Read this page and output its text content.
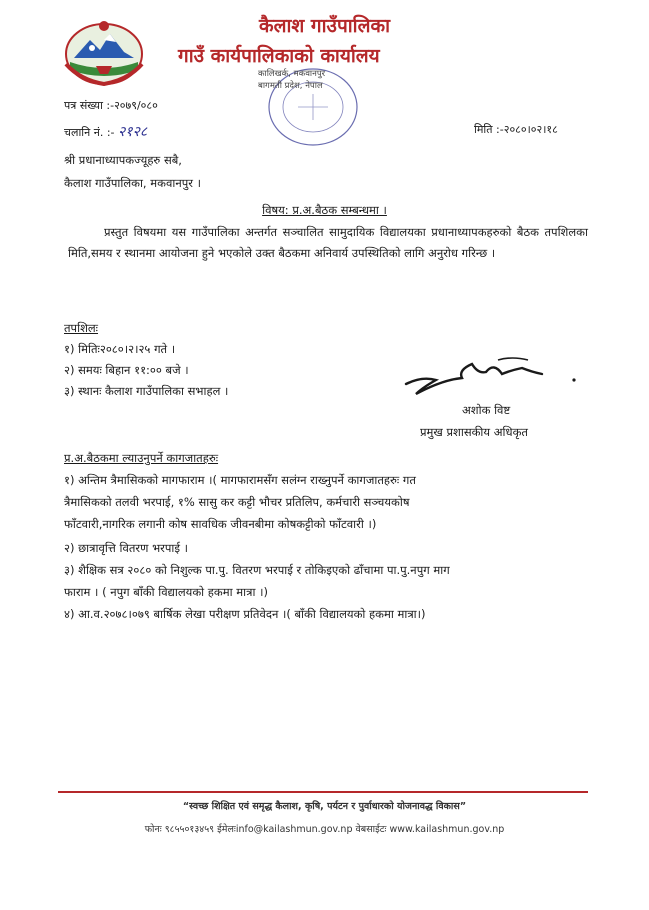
कैलाश गाउँपालिका
गाउँ कार्यपालिकाको कार्यालय
कालिखर्क, मकवानपुर
बागमती प्रदेश, नेपाल
पत्र संख्या :-२०७९/०८०
चलानि नं. :- २१२८	मिति :-२०८०।०२।१८
श्री प्रधानाध्यापकज्यूहरु सबै,
कैलाश गाउँपालिका, मकवानपुर ।
विषय: प्र.अ.बैठक सम्बन्धमा ।
प्रस्तुत विषयमा यस गाउँपालिका अन्तर्गत सञ्चालित सामुदायिक विद्यालयका प्रधानाध्यापकहरुको बैठक तपशिलका मिति,समय र स्थानमा आयोजना हुने भएकोले उक्त बैठकमा अनिवार्य उपस्थितिको लागि अनुरोध गरिन्छ ।
तपशिलः
१) मितिः२०८०।२।२५ गते ।
२) समयः बिहान ११:०० बजे ।
३) स्थानः कैलाश गाउँपालिका सभाहल ।
अशोक विष्ट
प्रमुख प्रशासकीय अधिकृत
प्र.अ.बैठकमा ल्याउनुपर्ने कागजातहरुः
१) अन्तिम त्रैमासिकको मागफाराम ।( मागफारामसँग सलंग्न राख्नुपर्ने कागजातहरुः गत
त्रैमासिकको तलवी भरपाई, १% सासु कर कट्टी भौचर प्रतिलिप, कर्मचारी सञ्चयकोष
फाँटवारी,नागरिक लगानी कोष सावधिक जीवनबीमा कोषकट्टीको फाँटवारी ।)
२) छात्रावृत्ति वितरण भरपाई ।
३) शैक्षिक सत्र २०८० को निशुल्क पा.पु. वितरण भरपाई र तोकिइएको ढाँचामा पा.पु.नपुग माग
फाराम । ( नपुग बाँकी विद्यालयको हकमा मात्रा ।)
४) आ.व.२०७८।०७९ बार्षिक लेखा परीक्षण प्रतिवेदन ।( बाँकी विद्यालयको हकमा मात्रा।)
“स्वच्छ शिक्षित एवं समृद्ध कैलाश, कृषि, पर्यटन र पुर्वाधारको योजनावद्ध विकास”
फोनः ९८५५०१३४५९ ईमेलःinfo@kailashmun.gov.np वेबसाईटः www.kailashmun.gov.np
